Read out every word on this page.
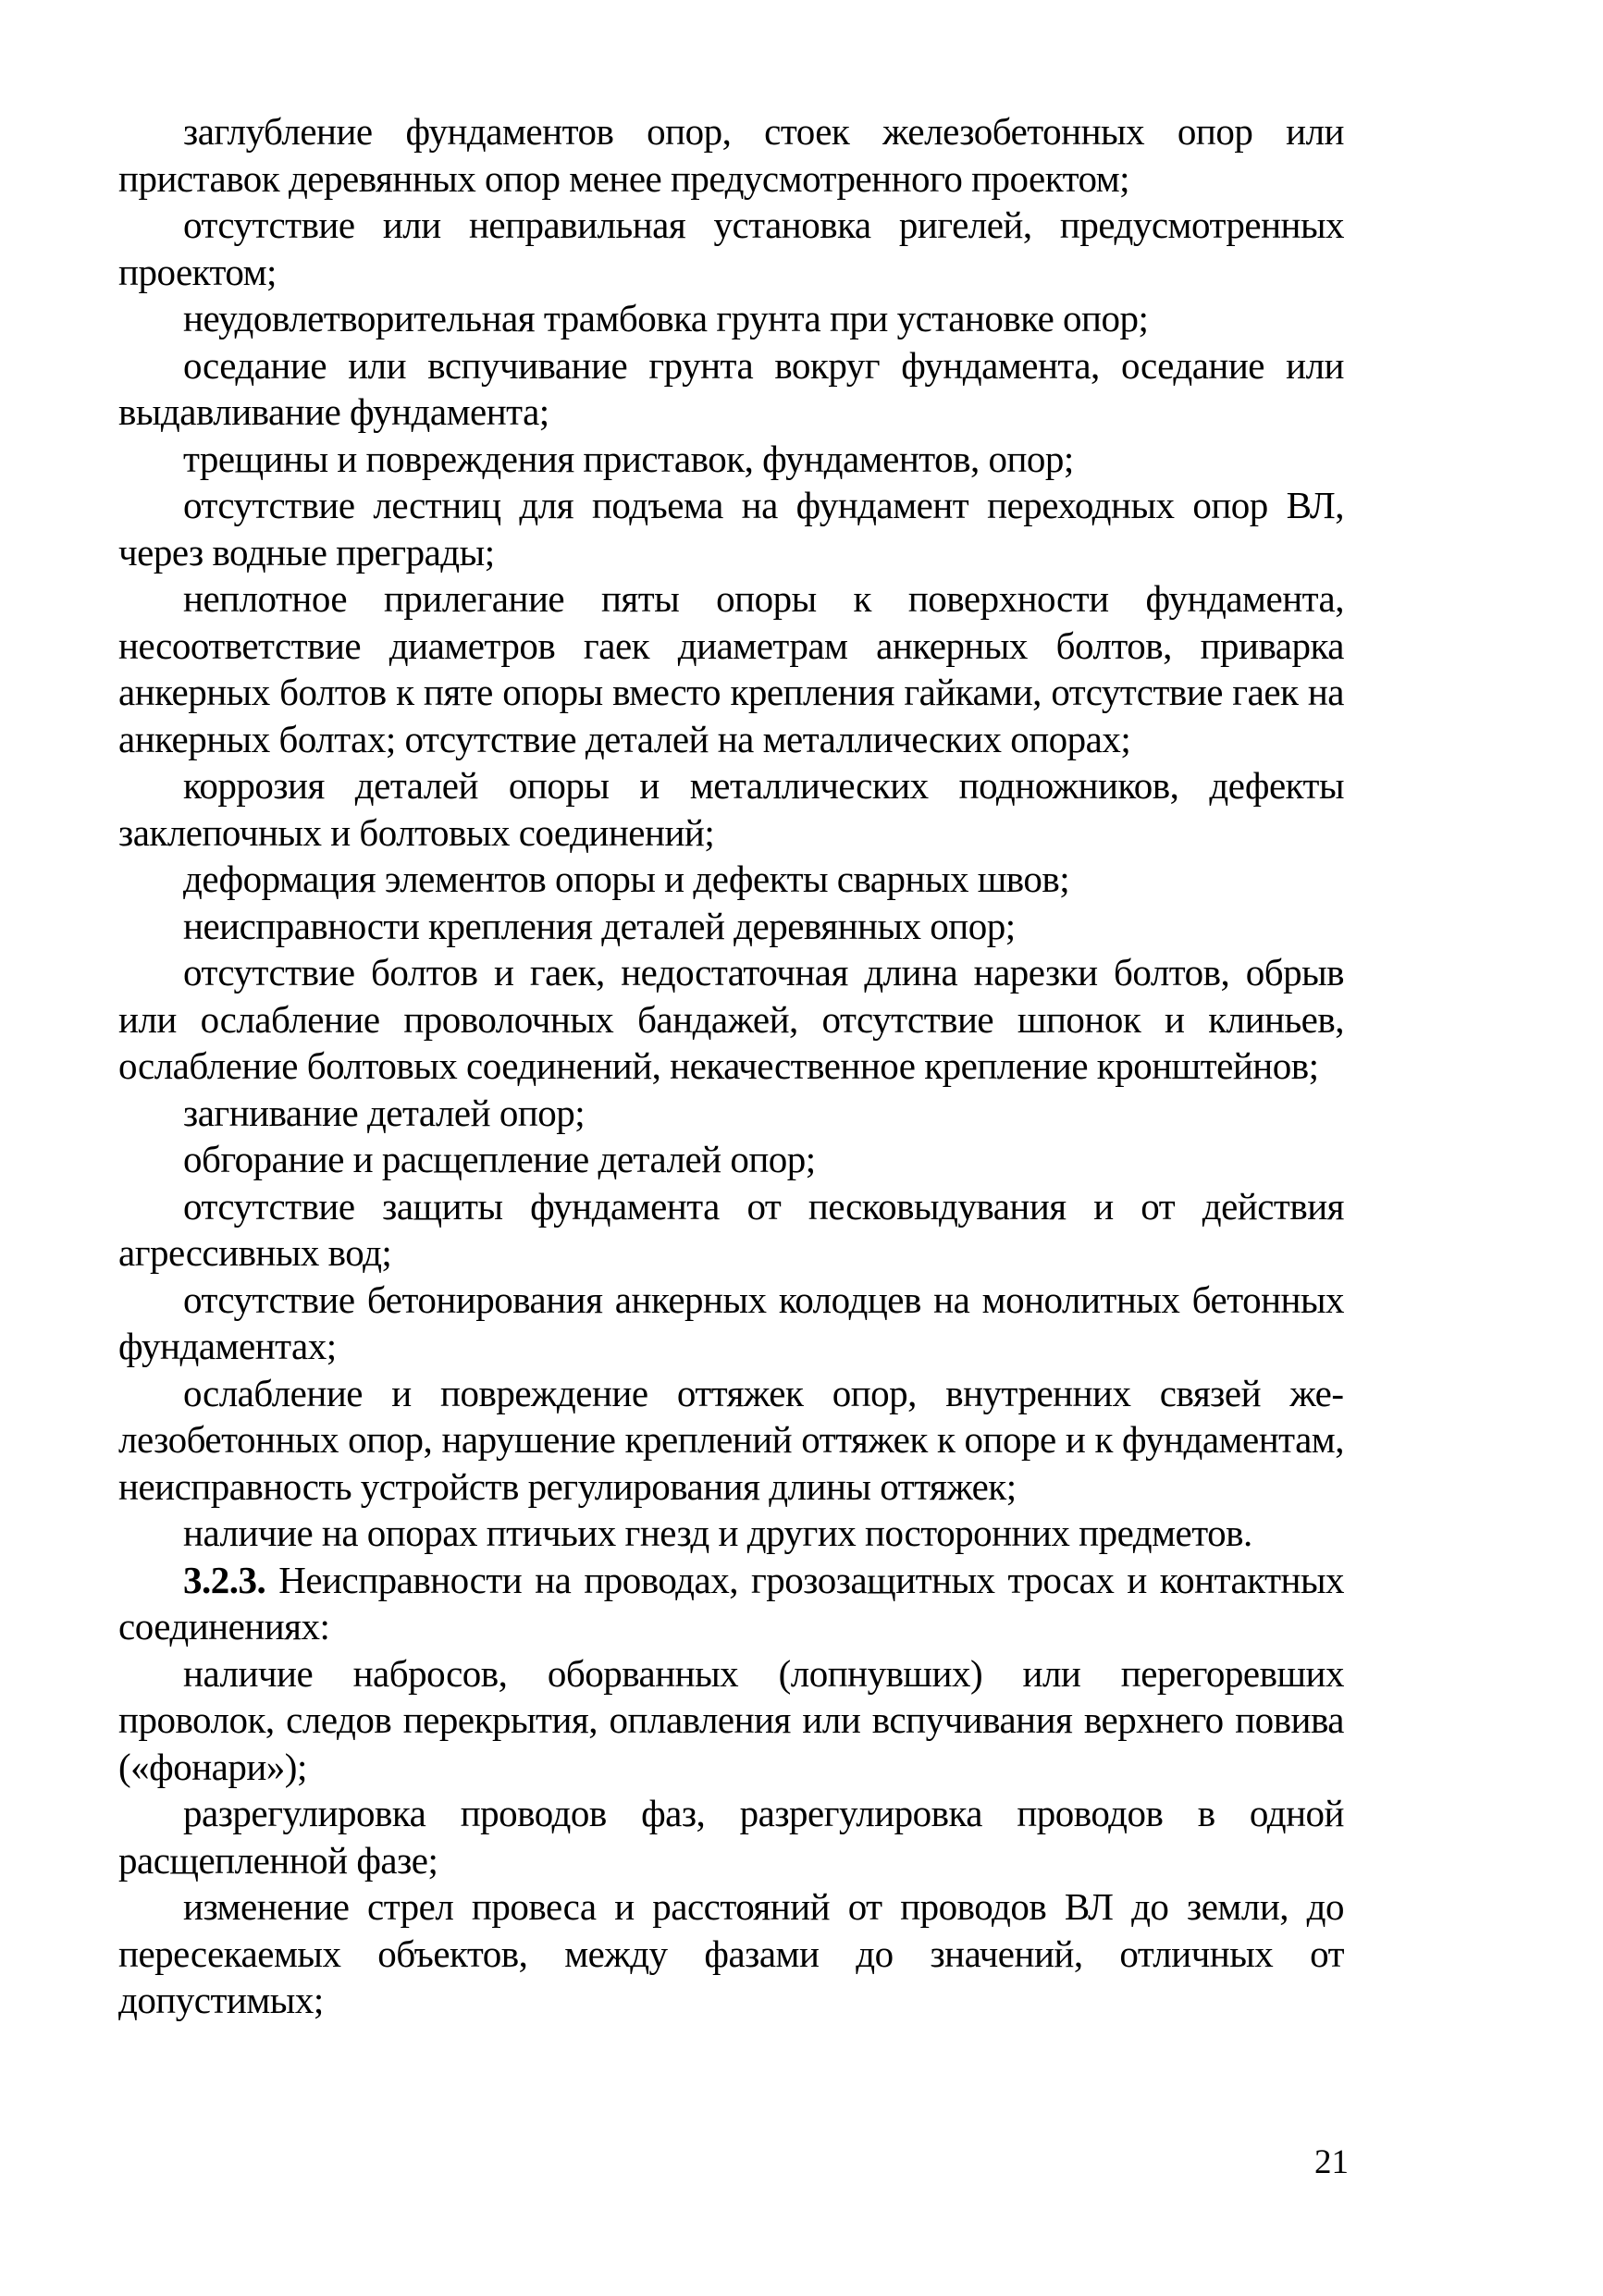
заглубление фундаментов опор, стоек железобетонных опор или приставок деревянных опор менее предусмотренного проектом;

отсутствие или неправильная установка ригелей, предусмотренных проектом;

неудовлетворительная трамбовка грунта при установке опор;

оседание или вспучивание грунта вокруг фундамента, оседание или выдавливание фундамента;

трещины и повреждения приставок, фундаментов, опор;

отсутствие лестниц для подъема на фундамент переходных опор ВЛ, через водные преграды;

неплотное прилегание пяты опоры к поверхности фундамента, несоответствие диаметров гаек диаметрам анкерных болтов, приварка анкерных болтов к пяте опоры вместо крепления гайками, отсутствие гаек на анкерных болтах; отсутствие деталей на металлических опорах;

коррозия деталей опоры и металлических подножников, дефекты заклепочных и болтовых соединений;

деформация элементов опоры и дефекты сварных швов;

неисправности крепления деталей деревянных опор;

отсутствие болтов и гаек, недостаточная длина нарезки болтов, обрыв или ослабление проволочных бандажей, отсутствие шпонок и клиньев, ослабление болтовых соединений, некачественное крепление кронштейнов;

загнивание деталей опор;

обгорание и расщепление деталей опор;

отсутствие защиты фундамента от песковыдувания и от действия агрессивных вод;

отсутствие бетонирования анкерных колодцев на монолитных бетонных фундаментах;

ослабление и повреждение оттяжек опор, внутренних связей железобетонных опор, нарушение креплений оттяжек к опоре и к фундаментам, неисправность устройств регулирования длины оттяжек;

наличие на опорах птичьих гнезд и других посторонних предметов.

3.2.3. Неисправности на проводах, грозозащитных тросах и контактных соединениях:

наличие набросов, оборванных (лопнувших) или перегоревших проволок, следов перекрытия, оплавления или вспучивания верхнего повива («фонари»);

разрегулировка проводов фаз, разрегулировка проводов в одной расщепленной фазе;

изменение стрел провеса и расстояний от проводов ВЛ до земли, до пересекаемых объектов, между фазами до значений, отличных от допустимых;

21
